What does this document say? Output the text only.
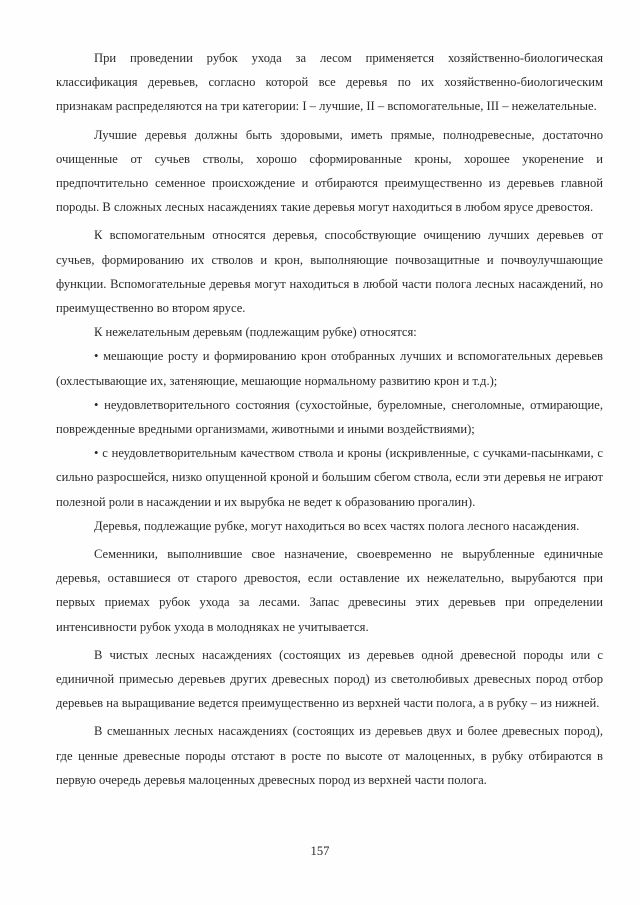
При проведении рубок ухода за лесом применяется хозяйственно-биологическая классификация деревьев, согласно которой все деревья по их хозяйственно-биологическим признакам распределяются на три категории: I – лучшие, II – вспомогательные, III – нежелательные.

Лучшие деревья должны быть здоровыми, иметь прямые, полнодревесные, достаточно очищенные от сучьев стволы, хорошо сформированные кроны, хорошее укоренение и предпочтительно семенное происхождение и отбираются преимущественно из деревьев главной породы. В сложных лесных насаждениях такие деревья могут находиться в любом ярусе древостоя.

К вспомогательным относятся деревья, способствующие очищению лучших деревьев от сучьев, формированию их стволов и крон, выполняющие почвозащитные и почвоулучшающие функции. Вспомогательные деревья могут находиться в любой части полога лесных насаждений, но преимущественно во втором ярусе.

К нежелательным деревьям (подлежащим рубке) относятся:

• мешающие росту и формированию крон отобранных лучших и вспомогательных деревьев (охлестывающие их, затеняющие, мешающие нормальному развитию крон и т.д.);

• неудовлетворительного состояния (сухостойные, буреломные, снеголомные, отмирающие, поврежденные вредными организмами, животными и иными воздействиями);

• с неудовлетворительным качеством ствола и кроны (искривленные, с сучками-пасынками, с сильно разросшейся, низко опущенной кроной и большим сбегом ствола, если эти деревья не играют полезной роли в насаждении и их вырубка не ведет к образованию прогалин).

Деревья, подлежащие рубке, могут находиться во всех частях полога лесного насаждения.

Семенники, выполнившие свое назначение, своевременно не вырубленные единичные деревья, оставшиеся от старого древостоя, если оставление их нежелательно, вырубаются при первых приемах рубок ухода за лесами. Запас древесины этих деревьев при определении интенсивности рубок ухода в молодняках не учитывается.

В чистых лесных насаждениях (состоящих из деревьев одной древесной породы или с единичной примесью деревьев других древесных пород) из светолюбивых древесных пород отбор деревьев на выращивание ведется преимущественно из верхней части полога, а в рубку – из нижней.

В смешанных лесных насаждениях (состоящих из деревьев двух и более древесных пород), где ценные древесные породы отстают в росте по высоте от малоценных, в рубку отбираются в первую очередь деревья малоценных древесных пород из верхней части полога.

157
